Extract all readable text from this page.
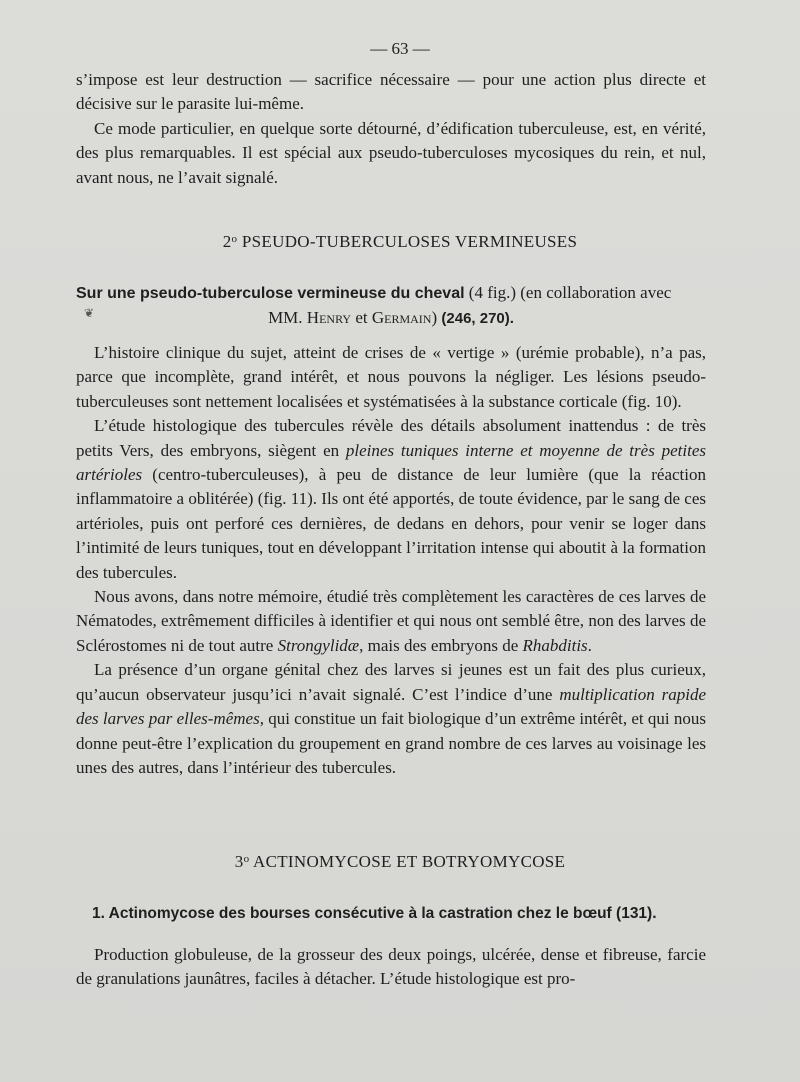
— 63 —

s’impose est leur destruction — sacrifice nécessaire — pour une action plus directe et décisive sur le parasite lui-même.

Ce mode particulier, en quelque sorte détourné, d’édification tuberculeuse, est, en vérité, des plus remarquables. Il est spécial aux pseudo-tuberculoses mycosiques du rein, et nul, avant nous, ne l’avait signalé.

2$^o$ PSEUDO-TUBERCULOSES VERMINEUSES
Sur une pseudo-tuberculose vermineuse du cheval (4 fig.) (en collaboration avec
MM. Henry et Germain) (246, 270).
❦

L’histoire clinique du sujet, atteint de crises de « vertige » (urémie probable), n’a pas, parce que incomplète, grand intérêt, et nous pouvons la négliger. Les lésions pseudo-tuberculeuses sont nettement localisées et systématisées à la substance corticale (fig. 10).

L’étude histologique des tubercules révèle des détails absolument inattendus : de très petits Vers, des embryons, siègent en pleines tuniques interne et moyenne de très petites artérioles (centro-tuberculeuses), à peu de distance de leur lumière (que la réaction inflammatoire a oblitérée) (fig. 11). Ils ont été apportés, de toute évidence, par le sang de ces artérioles, puis ont perforé ces dernières, de dedans en dehors, pour venir se loger dans l’intimité de leurs tuniques, tout en développant l’irritation intense qui aboutit à la formation des tubercules.

Nous avons, dans notre mémoire, étudié très complètement les caractères de ces larves de Nématodes, extrêmement difficiles à identifier et qui nous ont semblé être, non des larves de Sclérostomes ni de tout autre Strongylidæ, mais des embryons de Rhabditis.

La présence d’un organe génital chez des larves si jeunes est un fait des plus curieux, qu’aucun observateur jusqu’ici n’avait signalé. C’est l’indice d’une multiplication rapide des larves par elles-mêmes, qui constitue un fait biologique d’un extrême intérêt, et qui nous donne peut-être l’explication du groupement en grand nombre de ces larves au voisinage les unes des autres, dans l’intérieur des tubercules.

3$^o$ ACTINOMYCOSE ET BOTRYOMYCOSE
1. Actinomycose des bourses consécutive à la castration chez le bœuf (131).

Production globuleuse, de la grosseur des deux poings, ulcérée, dense et fibreuse, farcie de granulations jaunâtres, faciles à détacher. L’étude histologique est pro-
